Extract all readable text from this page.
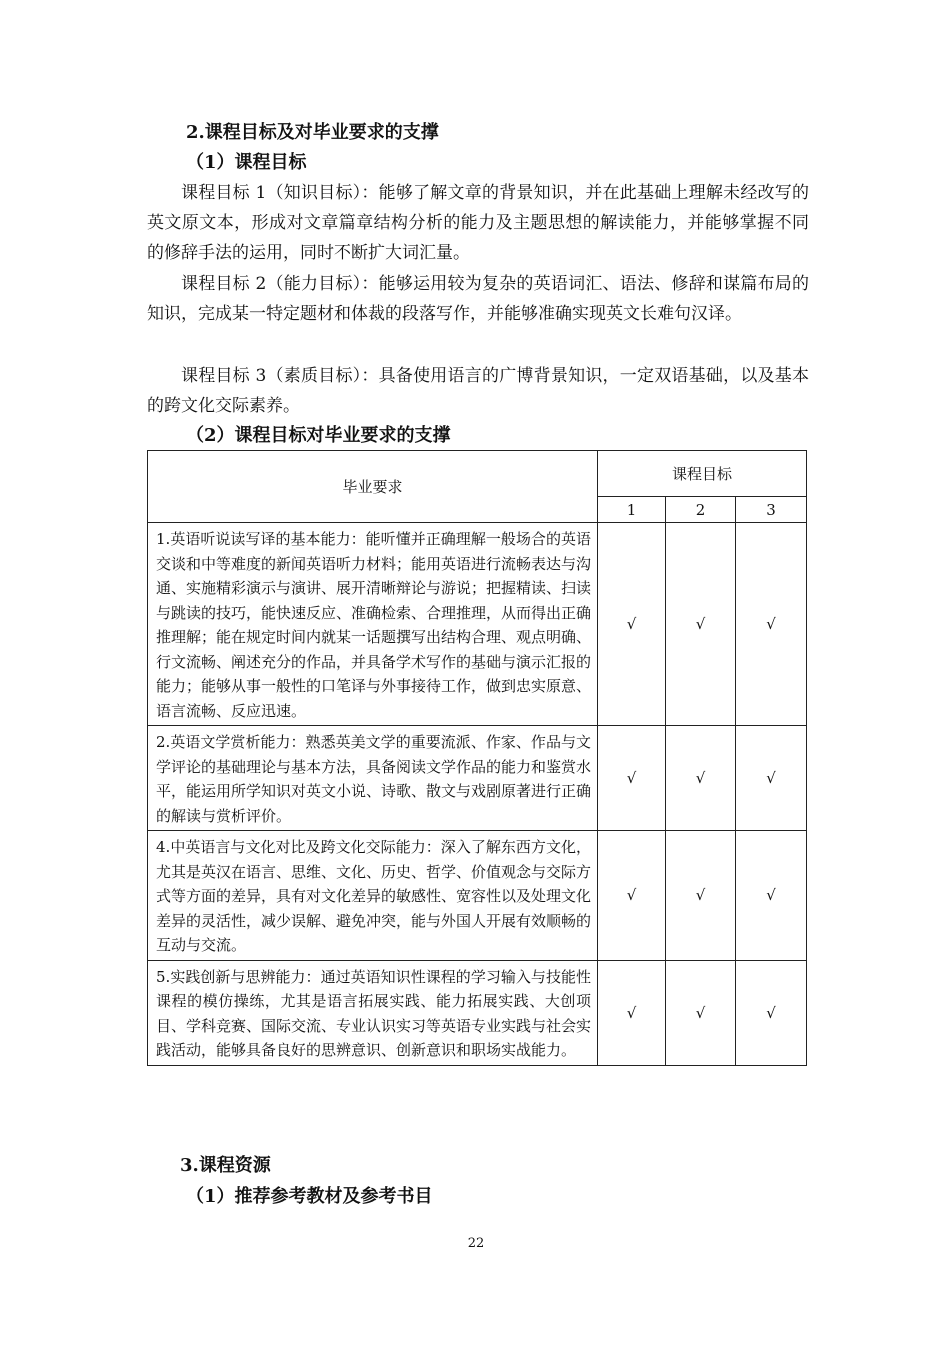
2.课程目标及对毕业要求的支撑
（1）课程目标
课程目标 1（知识目标）：能够了解文章的背景知识，并在此基础上理解未经改写的英文原文本，形成对文章篇章结构分析的能力及主题思想的解读能力，并能够掌握不同的修辞手法的运用，同时不断扩大词汇量。
课程目标 2（能力目标）：能够运用较为复杂的英语词汇、语法、修辞和谋篇布局的知识，完成某一特定题材和体裁的段落写作，并能够准确实现英文长难句汉译。
课程目标 3（素质目标）：具备使用语言的广博背景知识，一定双语基础，以及基本的跨文化交际素养。
（2）课程目标对毕业要求的支撑
毕业要求	课程目标		
	1	2	3
1.英语听说读写译的基本能力：能听懂并正确理解一般场合的英语交谈和中等难度的新闻英语听力材料；能用英语进行流畅表达与沟通、实施精彩演示与演讲、展开清晰辩论与游说；把握精读、扫读与跳读的技巧，能快速反应、准确检索、合理推理，从而得出正确推理解；能在规定时间内就某一话题撰写出结构合理、观点明确、行文流畅、阐述充分的作品，并具备学术写作的基础与演示汇报的能力；能够从事一般性的口笔译与外事接待工作，做到忠实原意、语言流畅、反应迅速。	√	√	√
2.英语文学赏析能力：熟悉英美文学的重要流派、作家、作品与文学评论的基础理论与基本方法，具备阅读文学作品的能力和鉴赏水平，能运用所学知识对英文小说、诗歌、散文与戏剧原著进行正确的解读与赏析评价。	√	√	√
4.中英语言与文化对比及跨文化交际能力：深入了解东西方文化，尤其是英汉在语言、思维、文化、历史、哲学、价值观念与交际方式等方面的差异，具有对文化差异的敏感性、宽容性以及处理文化差异的灵活性，减少误解、避免冲突，能与外国人开展有效顺畅的互动与交流。	√	√	√
5.实践创新与思辨能力：通过英语知识性课程的学习输入与技能性课程的模仿操练，尤其是语言拓展实践、能力拓展实践、大创项目、学科竞赛、国际交流、专业认识实习等英语专业实践与社会实践活动，能够具备良好的思辨意识、创新意识和职场实战能力。	√	√	√
3.课程资源
（1）推荐参考教材及参考书目
22
